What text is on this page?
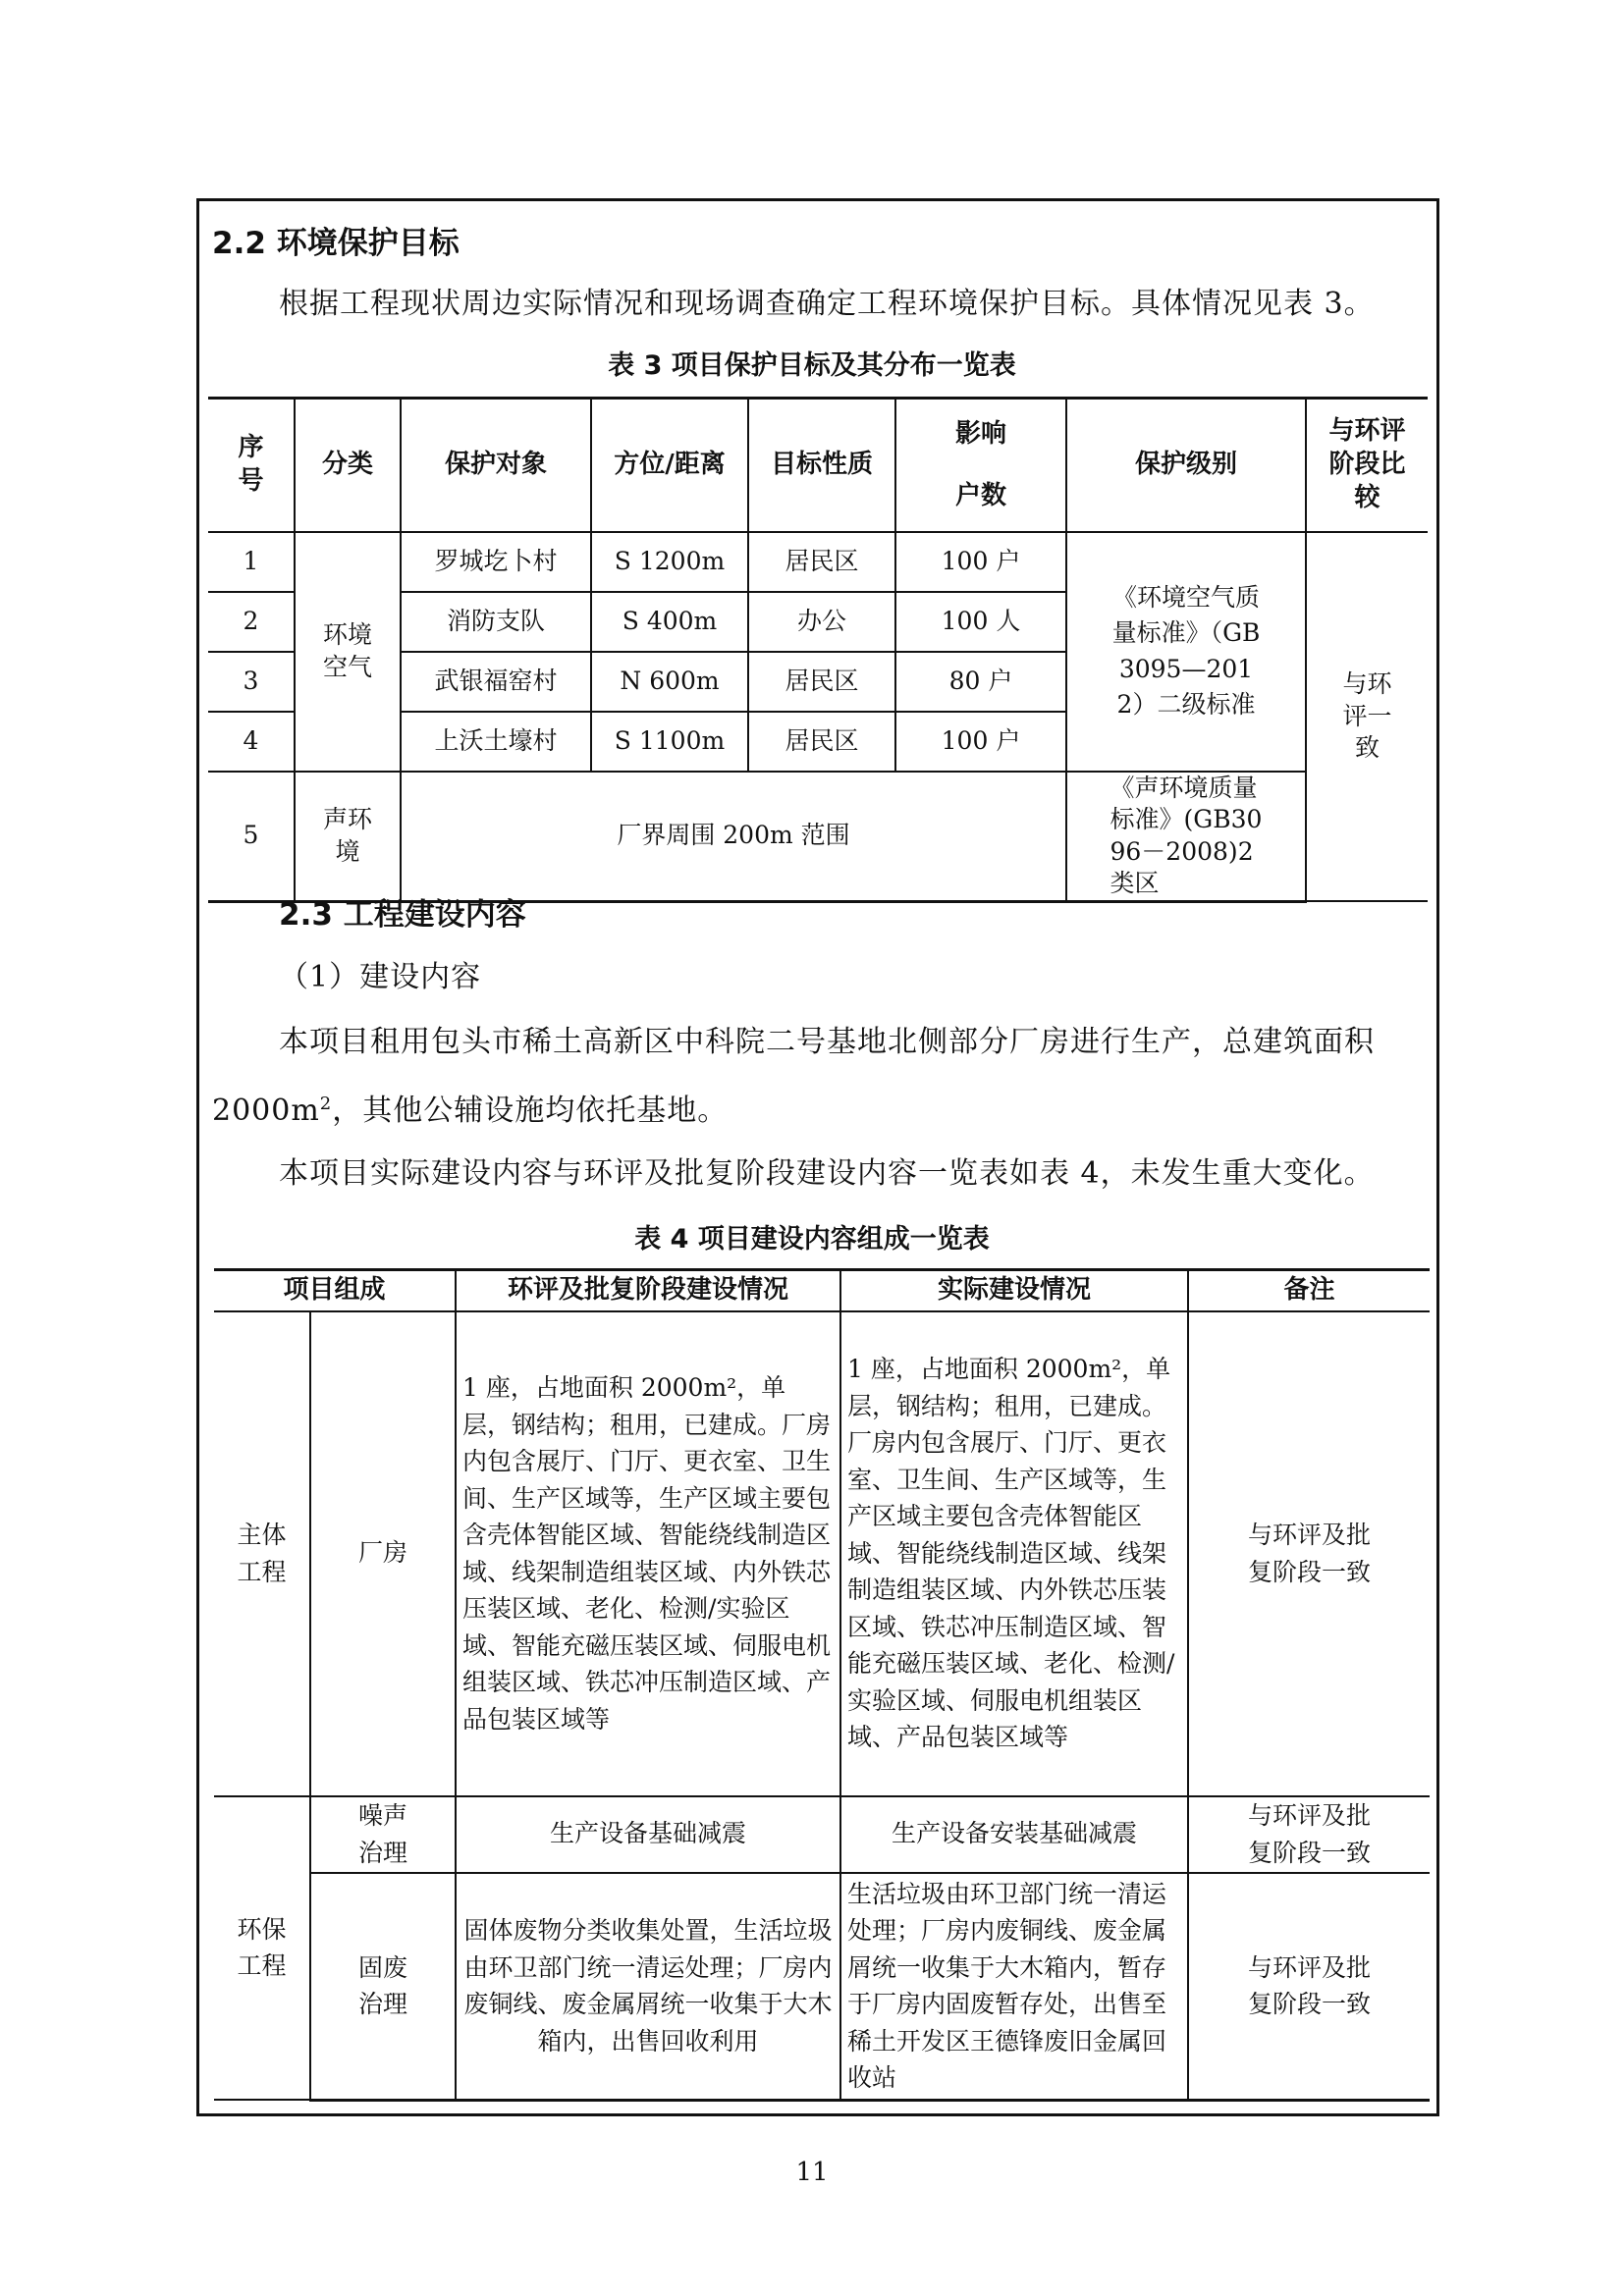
2.2 环境保护目标
根据工程现状周边实际情况和现场调查确定工程环境保护目标。具体情况见表 3。
表 3 项目保护目标及其分布一览表
序号	分类	保护对象	方位/距离	目标性质	影响户数	保护级别	与环评阶段比较

1	环境空气	罗城圪卜村	S 1200m	居民区	100 户	《环境空气质量标准》（GB3095—2012）二级标准	与环评一致

2		消防支队	S 400m	办公	100 人		
3		武银福窑村	N 600m	居民区	80 户		
4		上沃土壕村	S 1100m	居民区	100 户		
5	声环境	厂界周围 200m 范围				《声环境质量标准》(GB3096－2008)2 类区	
2.3 工程建设内容
（1）建设内容
本项目租用包头市稀土高新区中科院二号基地北侧部分厂房进行生产，总建筑面积 $2000m^2$，其他公辅设施均依托基地。
本项目实际建设内容与环评及批复阶段建设内容一览表如表 4，未发生重大变化。
表 4 项目建设内容组成一览表
项目组成		环评及批复阶段建设情况	实际建设情况	备注

主体工程	厂房	1 座，占地面积 2000m²，单层，钢结构；租用，已建成。厂房内包含展厅、门厅、更衣室、卫生间、生产区域等，生产区域主要包含壳体智能区域、智能绕线制造区域、线架制造组装区域、内外铁芯压装区域、老化、检测/实验区域、智能充磁压装区域、伺服电机组装区域、铁芯冲压制造区域、产品包装区域等	1 座，占地面积 2000m²，单层，钢结构；租用，已建成。厂房内包含展厅、门厅、更衣室、卫生间、生产区域等，生产区域主要包含壳体智能区域、智能绕线制造区域、线架制造组装区域、内外铁芯压装区域、铁芯冲压制造区域、智能充磁压装区域、老化、检测/实验区域、伺服电机组装区域、产品包装区域等	与环评及批复阶段一致

环保工程	噪声治理	生产设备基础减震	生产设备安装基础减震	与环评及批复阶段一致

	固废治理	固体废物分类收集处置，生活垃圾由环卫部门统一清运处理；厂房内废铜线、废金属屑统一收集于大木箱内，出售回收利用	生活垃圾由环卫部门统一清运处理；厂房内废铜线、废金属屑统一收集于大木箱内，暂存于厂房内固废暂存处，出售至稀土开发区王德锋废旧金属回收站	与环评及批复阶段一致
11
